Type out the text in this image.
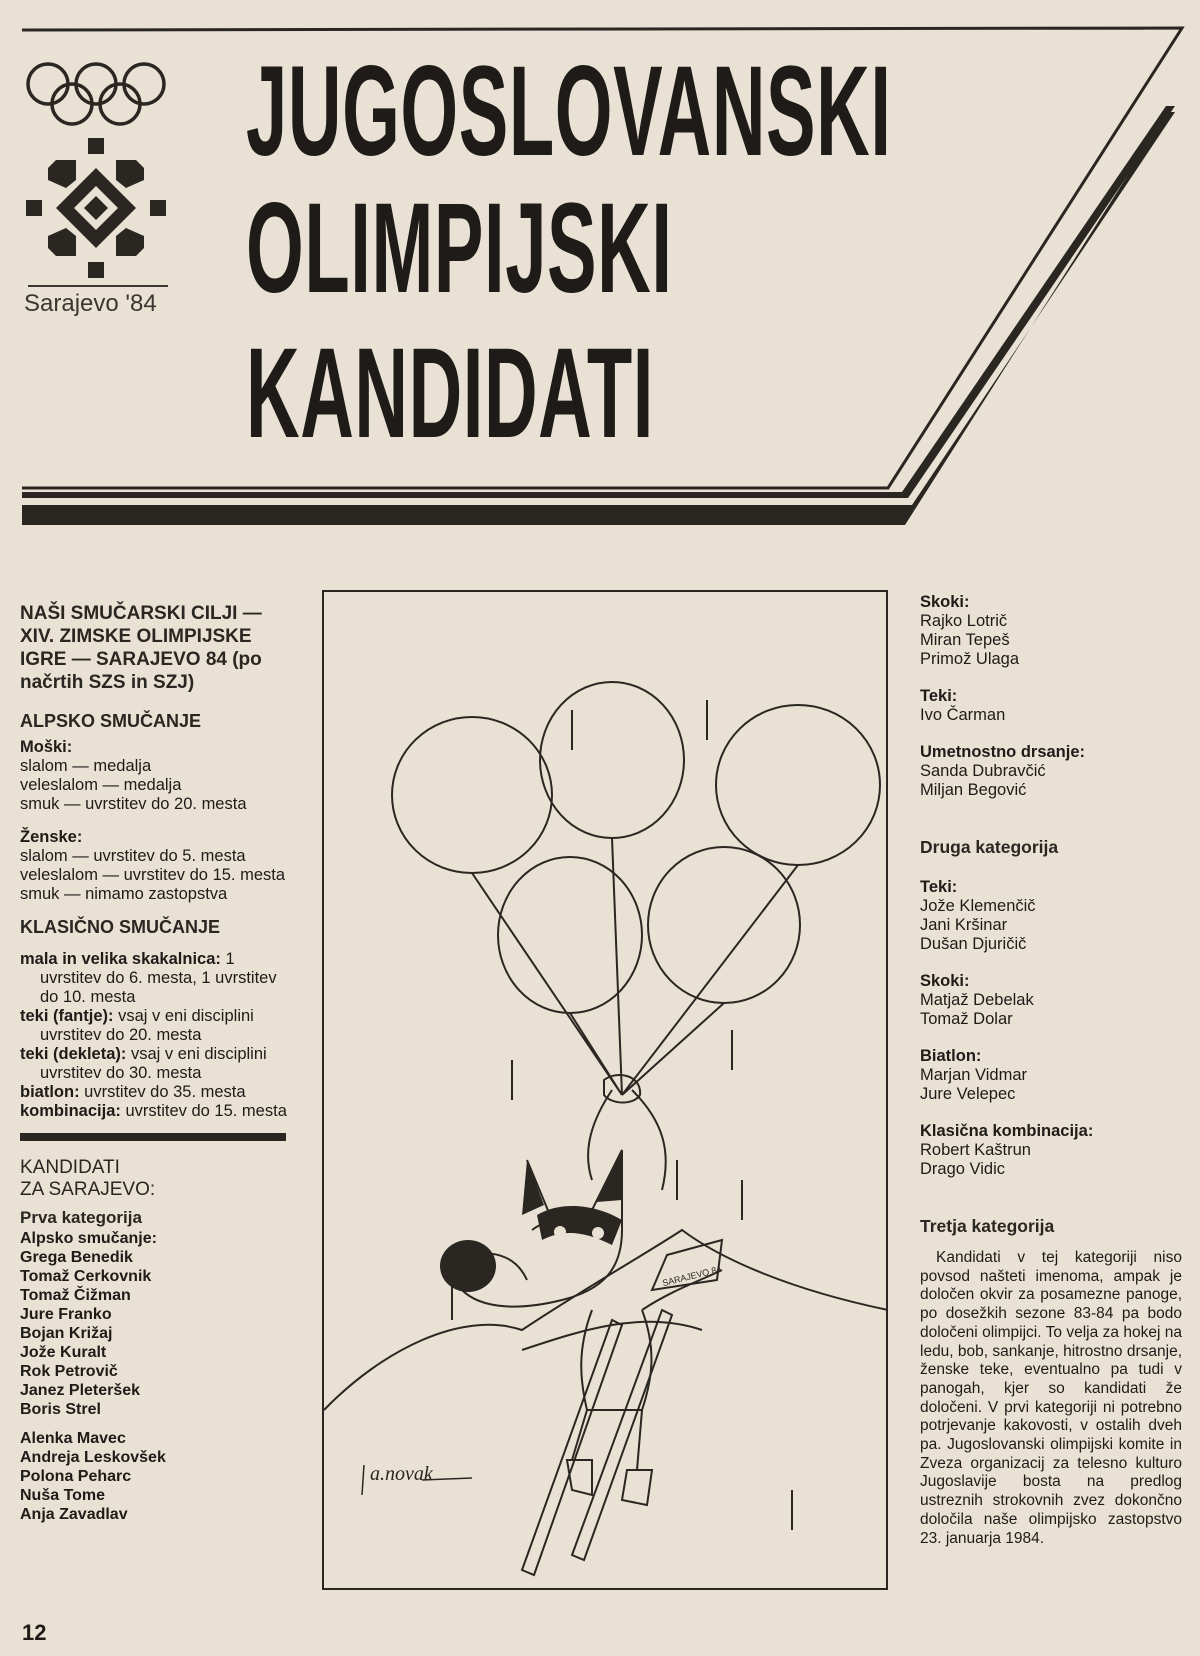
Sarajevo '84
JUGOSLOVANSKI
OLIMPIJSKI
KANDIDATI
NAŠI SMUČARSKI CILJI — XIV. ZIMSKE OLIMPIJSKE IGRE — SARAJEVO 84 (po načrtih SZS in SZJ)
ALPSKO SMUČANJE
Moški:
slalom — medalja
veleslalom — medalja
smuk — uvrstitev do 20. mesta
Ženske:
slalom — uvrstitev do 5. mesta
veleslalom — uvrstitev do 15. mesta
smuk — nimamo zastopstva
KLASIČNO SMUČANJE
mala in velika skakalnica: 1 uvrstitev do 6. mesta, 1 uvrstitev do 10. mesta
teki (fantje): vsaj v eni disciplini uvrstitev do 20. mesta
teki (dekleta): vsaj v eni disciplini uvrstitev do 30. mesta
biatlon: uvrstitev do 35. mesta
kombinacija: uvrstitev do 15. mesta
KANDIDATI
ZA SARAJEVO:
Prva kategorija
Alpsko smučanje:
Grega Benedik
Tomaž Cerkovnik
Tomaž Čižman
Jure Franko
Bojan Križaj
Jože Kuralt
Rok Petrovič
Janez Pleteršek
Boris Strel
Alenka Mavec
Andreja Leskovšek
Polona Peharc
Nuša Tome
Anja Zavadlav
SARAJEVO 84
a.novak
Skoki:
Rajko Lotrič
Miran Tepeš
Primož Ulaga
Teki:
Ivo Čarman
Umetnostno drsanje:
Sanda Dubravčić
Miljan Begović
Druga kategorija
Teki:
Jože Klemenčič
Jani Kršinar
Dušan Djuričič
Skoki:
Matjaž Debelak
Tomaž Dolar
Biatlon:
Marjan Vidmar
Jure Velepec
Klasična kombinacija:
Robert Kaštrun
Drago Vidic
Tretja kategorija

Kandidati v tej kategoriji niso povsod našteti imenoma, ampak je določen okvir za posamezne panoge, po dosežkih sezone 83-84 pa bodo določeni olimpijci. To velja za hokej na ledu, bob, sankanje, hitrostno drsanje, ženske teke, eventualno pa tudi v panogah, kjer so kandidati že določeni. V prvi kategoriji ni potrebno potrjevanje kakovosti, v ostalih dveh pa. Jugoslovanski olimpijski komite in Zveza organizacij za telesno kulturo Jugoslavije bosta na predlog ustreznih strokovnih zvez dokončno določila naše olimpijsko zastopstvo 23. januarja 1984.

12
